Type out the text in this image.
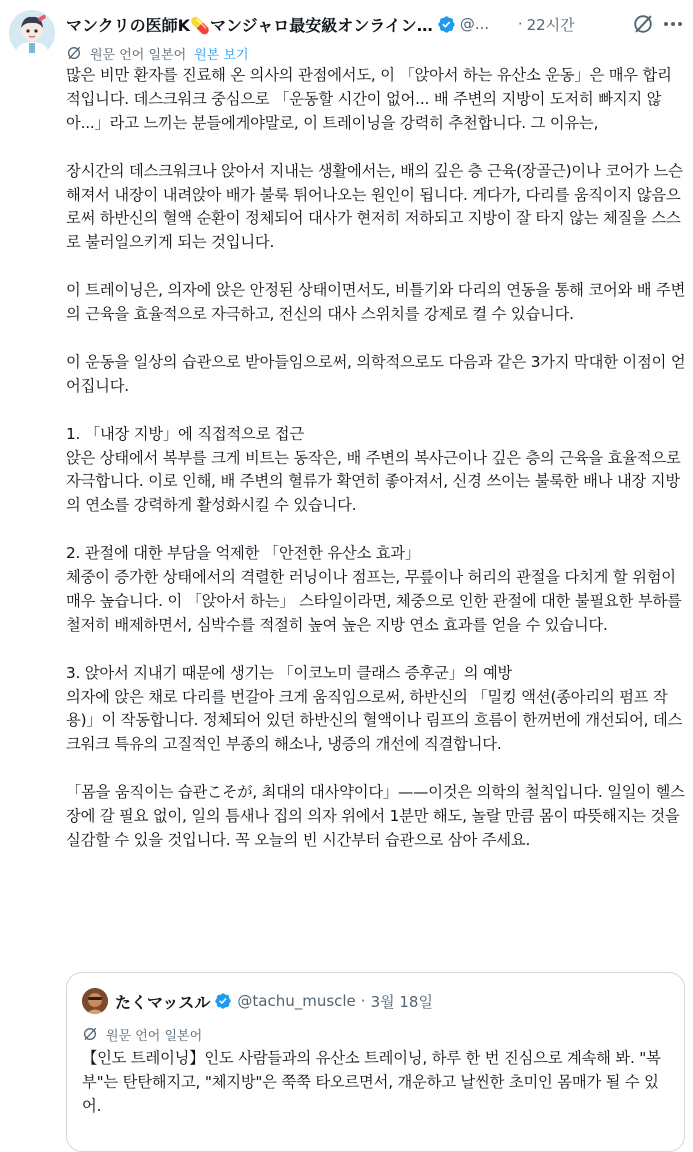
マンクリの医師K💊マンジャロ最安級オンライン… @...	· 22시간
원문 언어 일본어 원본 보기
많은 비만 환자를 진료해 온 의사의 관점에서도, 이 「앉아서 하는 유산소 운동」은 매우 합리적입니다. 데스크워크 중심으로 「운동할 시간이 없어... 배 주변의 지방이 도저히 빠지지 않아...」라고 느끼는 분들에게야말로, 이 트레이닝을 강력히 추천합니다. 그 이유는,

장시간의 데스크워크나 앉아서 지내는 생활에서는, 배의 깊은 층 근육(장골근)이나 코어가 느슨해져서 내장이 내려앉아 배가 불룩 튀어나오는 원인이 됩니다. 게다가, 다리를 움직이지 않음으로써 하반신의 혈액 순환이 정체되어 대사가 현저히 저하되고 지방이 잘 타지 않는 체질을 스스로 불러일으키게 되는 것입니다.

이 트레이닝은, 의자에 앉은 안정된 상태이면서도, 비틀기와 다리의 연동을 통해 코어와 배 주변의 근육을 효율적으로 자극하고, 전신의 대사 스위치를 강제로 켤 수 있습니다.

이 운동을 일상의 습관으로 받아들임으로써, 의학적으로도 다음과 같은 3가지 막대한 이점이 얻어집니다.

1. 「내장 지방」에 직접적으로 접근
앉은 상태에서 복부를 크게 비트는 동작은, 배 주변의 복사근이나 깊은 층의 근육을 효율적으로 자극합니다. 이로 인해, 배 주변의 혈류가 확연히 좋아져서, 신경 쓰이는 불룩한 배나 내장 지방의 연소를 강력하게 활성화시킬 수 있습니다.

2. 관절에 대한 부담을 억제한 「안전한 유산소 효과」
체중이 증가한 상태에서의 격렬한 러닝이나 점프는, 무릎이나 허리의 관절을 다치게 할 위험이 매우 높습니다. 이 「앉아서 하는」 스타일이라면, 체중으로 인한 관절에 대한 불필요한 부하를 철저히 배제하면서, 심박수를 적절히 높여 높은 지방 연소 효과를 얻을 수 있습니다.

3. 앉아서 지내기 때문에 생기는 「이코노미 클래스 증후군」의 예방
의자에 앉은 채로 다리를 번갈아 크게 움직임으로써, 하반신의 「밀킹 액션(종아리의 펌프 작용)」이 작동합니다. 정체되어 있던 하반신의 혈액이나 림프의 흐름이 한꺼번에 개선되어, 데스크워크 특유의 고질적인 부종의 해소나, 냉증의 개선에 직결합니다.

「몸을 움직이는 습관こそが, 최대의 대사약이다」——이것은 의학의 철칙입니다. 일일이 헬스장에 갈 필요 없이, 일의 틈새나 집의 의자 위에서 1분만 해도, 놀랄 만큼 몸이 따뜻해지는 것을 실감할 수 있을 것입니다. 꼭 오늘의 빈 시간부터 습관으로 삼아 주세요.
たくマッスル @tachu_muscle · 3월 18일
원문 언어 일본어
【인도 트레이닝】인도 사람들과의 유산소 트레이닝, 하루 한 번 진심으로 계속해 봐. "복부"는 탄탄해지고, "체지방"은 쭉쭉 타오르면서, 개운하고 날씬한 초미인 몸매가 될 수 있어.
